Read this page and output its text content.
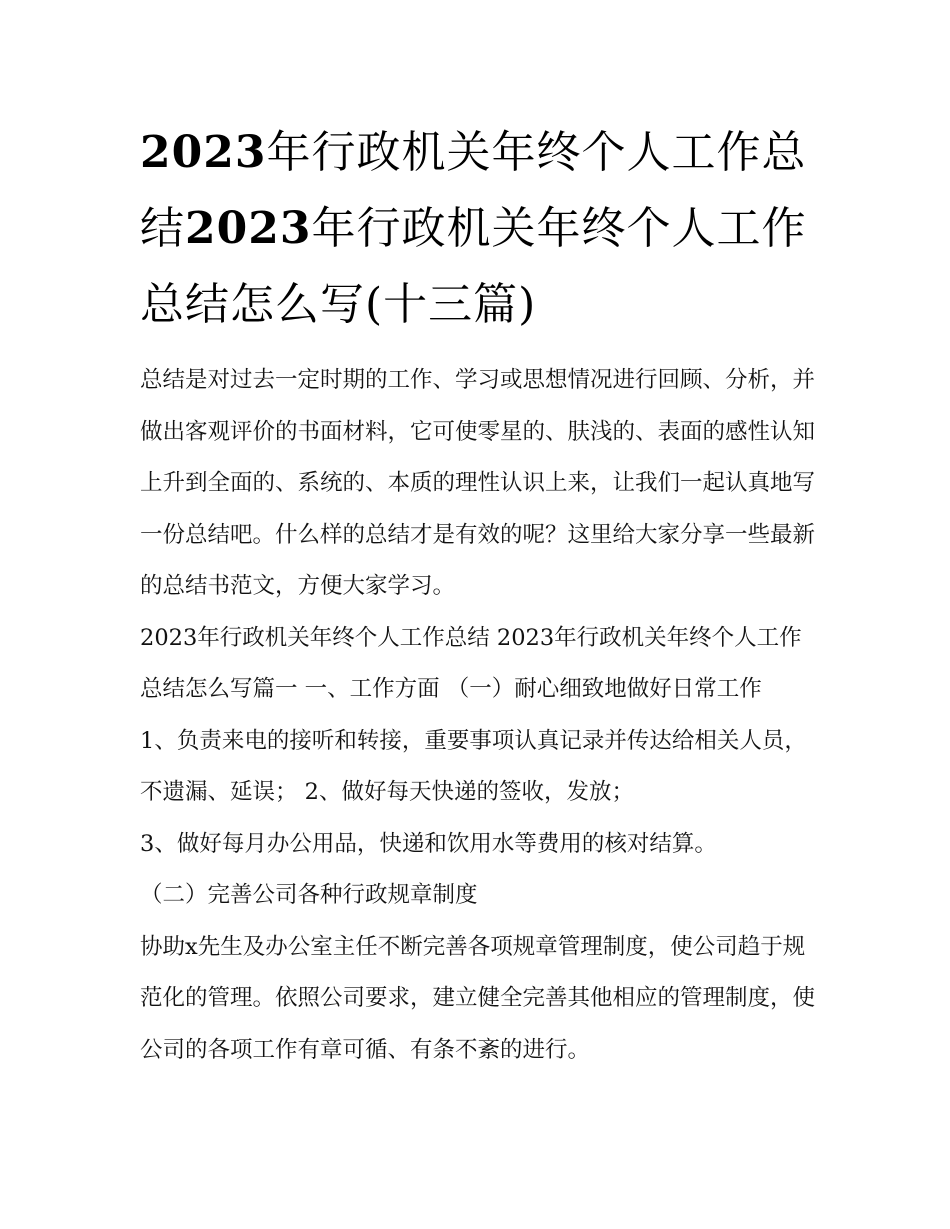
2023年行政机关年终个人工作总结2023年行政机关年终个人工作总结怎么写(十三篇)

总结是对过去一定时期的工作、学习或思想情况进行回顾、分析，并做出客观评价的书面材料，它可使零星的、肤浅的、表面的感性认知上升到全面的、系统的、本质的理性认识上来，让我们一起认真地写一份总结吧。什么样的总结才是有效的呢？这里给大家分享一些最新的总结书范文，方便大家学习。

2023年行政机关年终个人工作总结 2023年行政机关年终个人工作总结怎么写篇一 一、工作方面 （一）耐心细致地做好日常工作

1、负责来电的接听和转接，重要事项认真记录并传达给相关人员，不遗漏、延误； 2、做好每天快递的签收，发放；

3、做好每月办公用品，快递和饮用水等费用的核对结算。

（二）完善公司各种行政规章制度

协助x先生及办公室主任不断完善各项规章管理制度，使公司趋于规范化的管理。依照公司要求，建立健全完善其他相应的管理制度，使公司的各项工作有章可循、有条不紊的进行。
